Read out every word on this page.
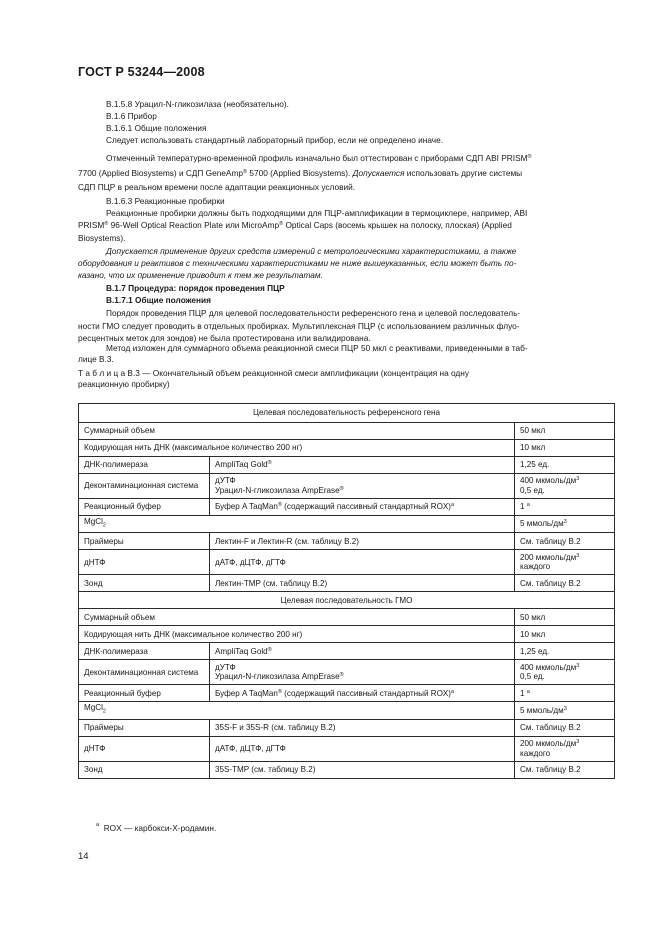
ГОСТ Р 53244—2008
В.1.5.8 Урацил-N-гликозилаза (необязательно).
В.1.6 Прибор
В.1.6.1 Общие положения
Следует использовать стандартный лабораторный прибор, если не определено иначе.
Отмеченный температурно-временной профиль изначально был оттестирован с приборами СДП ABI PRISM®
7700 (Applied Biosystems) и СДП GeneAmp® 5700 (Applied Biosystems). Допускается использовать другие системы
СДП ПЦР в реальном времени после адаптации реакционных условий.
В.1.6.3 Реакционные пробирки
Реакционные пробирки должны быть подходящими для ПЦР-амплификации в термоциклере, например, ABI
PRISM® 96-Well Optical Reaction Plate или MicroAmp® Optical Caps (восемь крышек на полоску, плоская) (Applied
Biosystems).
Допускается применение других средств измерений с метрологическими характеристиками, а также
оборудования и реактивов с техническими характеристиками не ниже вышеуказанных, если может быть по-
казано, что их применение приводит к тем же результатам.
В.1.7 Процедура: порядок проведения ПЦР
В.1.7.1 Общие положения
Порядок проведения ПЦР для целевой последовательности референсного гена и целевой последователь-
ности ГМО следует проводить в отдельных пробирках. Мультиплексная ПЦР (с использованием различных флуо-
ресцентных меток для зондов) не была протестирована или валидирована.
Метод изложен для суммарного объема реакционной смеси ПЦР 50 мкл с реактивами, приведенными в таб-
лице В.3.
Т а б л и ц а В.3 — Окончательный объем реакционной смеси амплификации (концентрация на одну
реакционную пробирку)
Целевая последовательность референсного гена		
Суммарный объем		50 мкл
Кодирующая нить ДНК (максимальное количество 200 нг)		10 мкл
ДНК-полимераза	AmpliTaq Gold®	1,25 ед.
Деконтаминационная система	дУТФ
Урацил-N-гликозилаза AmpErase®	400 мкмоль/$дм^3$
0,5 ед.
Реакционный буфер	Буфер A TaqMan® (содержащий пассивный стандартный ROX)$^а$	1 $^а$
MgCl$_2$		5 ммоль/$дм^3$
Праймеры	Лектин-F и Лектин-R (см. таблицу В.2)	См. таблицу В.2
дНТФ	дАТФ, дЦТФ, дГТФ	200 мкмоль/$дм^3$
каждого
Зонд	Лектин-TMP (см. таблицу В.2)	См. таблицу В.2
Целевая последовательность ГМО		
Суммарный объем		50 мкл
Кодирующая нить ДНК (максимальное количество 200 нг)		10 мкл
ДНК-полимераза	AmpliTaq Gold®	1,25 ед.
Деконтаминационная система	дУТФ
Урацил-N-гликозилаза AmpErase®	400 мкмоль/$дм^3$
0,5 ед.
Реакционный буфер	Буфер A TaqMan® (содержащий пассивный стандартный ROX)$^а$	1 $^а$
MgCl$_2$		5 ммоль/$дм^3$
Праймеры	35S-F и 35S-R (см. таблицу В.2)	См. таблицу В.2
дНТФ	дАТФ, дЦТФ, дГТФ	200 мкмоль/$дм^3$
каждого
Зонд	35S-TMP (см. таблицу В.2)	См. таблицу В.2
$^а$ ROX — карбокси-Х-родамин.
14
